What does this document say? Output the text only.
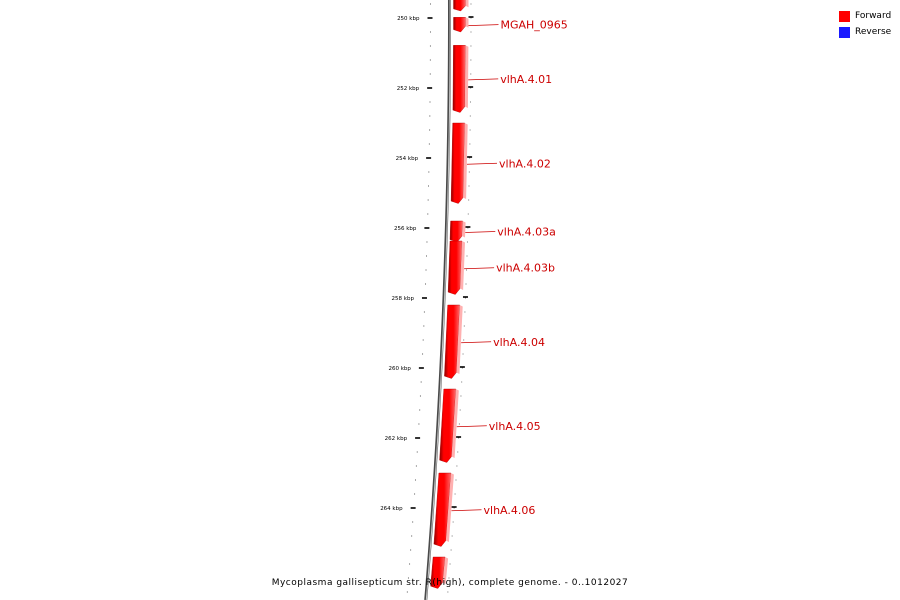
250 kbp
252 kbp
254 kbp
256 kbp
258 kbp
260 kbp
262 kbp
264 kbp
MGAH_0965
vlhA.4.01
vlhA.4.02
vlhA.4.03a
vlhA.4.03b
vlhA.4.04
vlhA.4.05
vlhA.4.06
Forward
Reverse
Mycoplasma gallisepticum str. R(high), complete genome. - 0..1012027
